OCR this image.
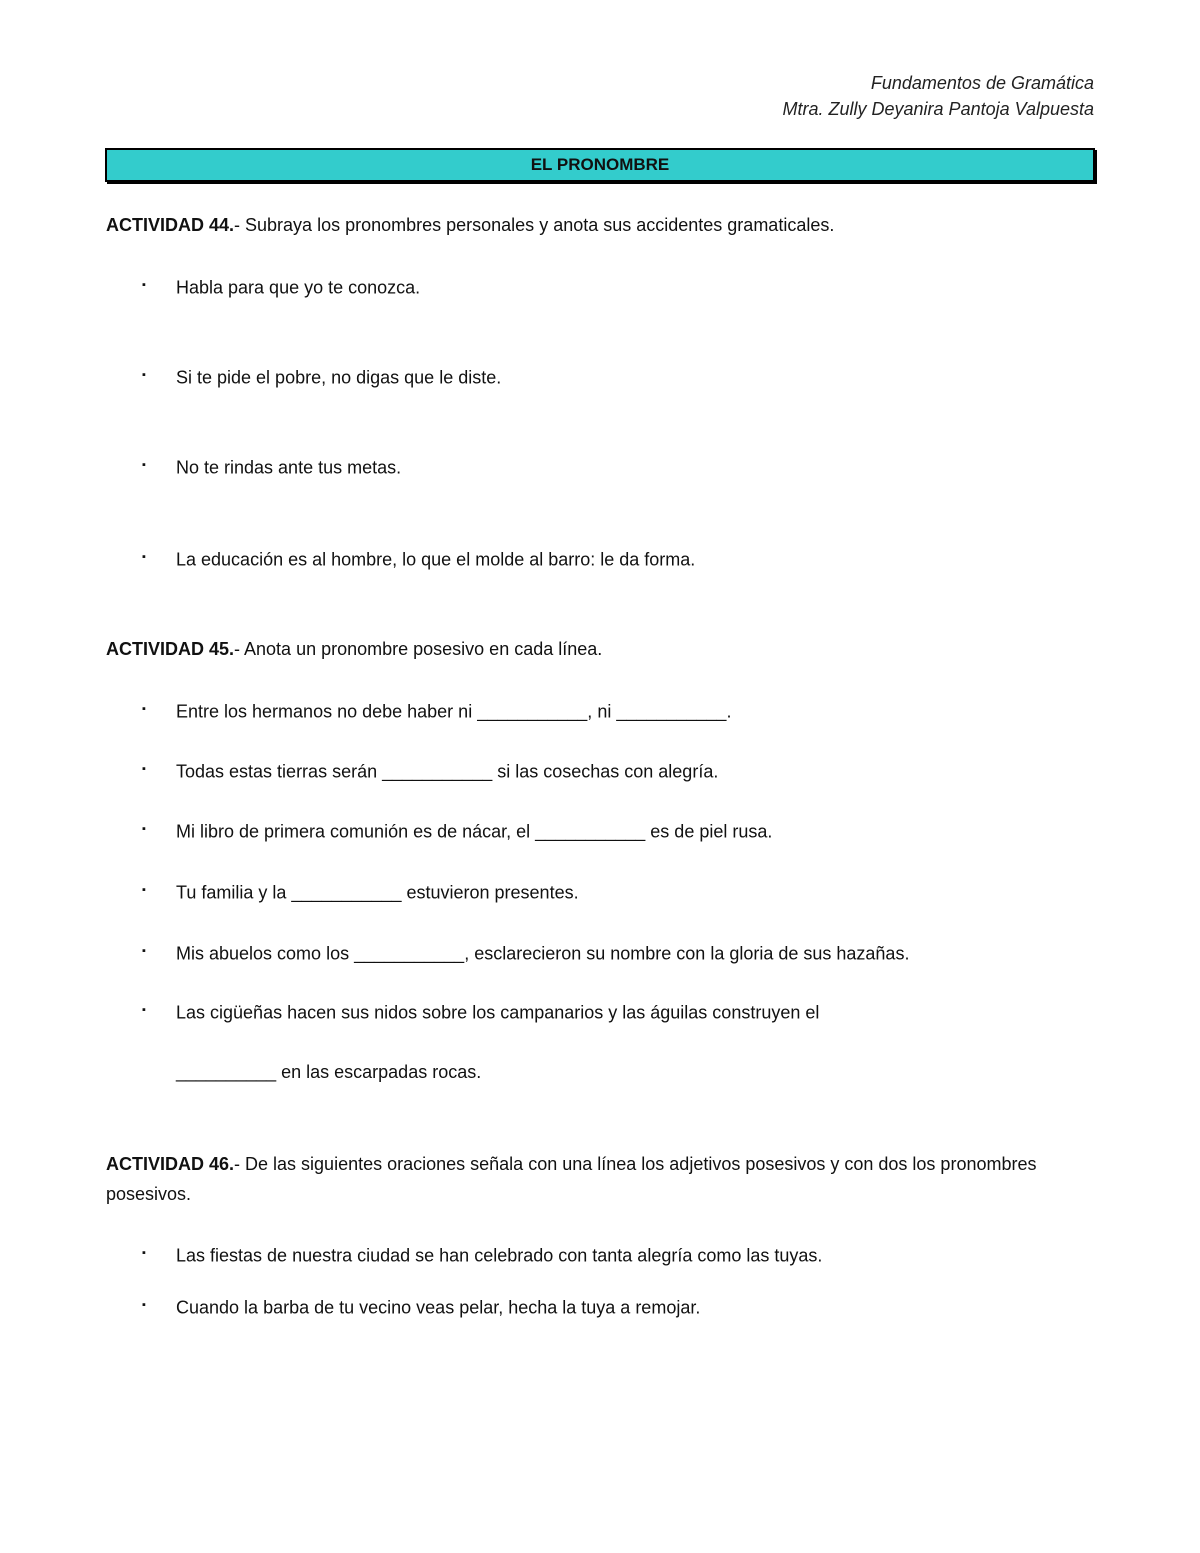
Fundamentos de Gramática
Mtra. Zully Deyanira Pantoja Valpuesta
EL PRONOMBRE
ACTIVIDAD 44.- Subraya los pronombres personales y anota sus accidentes gramaticales.
▪ Habla para que yo te conozca.
▪ Si te pide el pobre, no digas que le diste.
▪ No te rindas ante tus metas.
▪ La educación es al hombre, lo que el molde al barro: le da forma.
ACTIVIDAD 45.- Anota un pronombre posesivo en cada línea.
▪ Entre los hermanos no debe haber ni ___________, ni ___________.
▪ Todas estas tierras serán ___________ si las cosechas con alegría.
▪ Mi libro de primera comunión es de nácar, el ___________ es de piel rusa.
▪ Tu familia y la ___________ estuvieron presentes.
▪ Mis abuelos como los ___________, esclarecieron su nombre con la gloria de sus hazañas.
▪ Las cigüeñas hacen sus nidos sobre los campanarios y las águilas construyen el
__________ en las escarpadas rocas.
ACTIVIDAD 46.- De las siguientes oraciones señala con una línea los adjetivos posesivos y con dos los pronombres posesivos.
▪ Las fiestas de nuestra ciudad se han celebrado con tanta alegría como las tuyas.
▪ Cuando la barba de tu vecino veas pelar, hecha la tuya a remojar.
